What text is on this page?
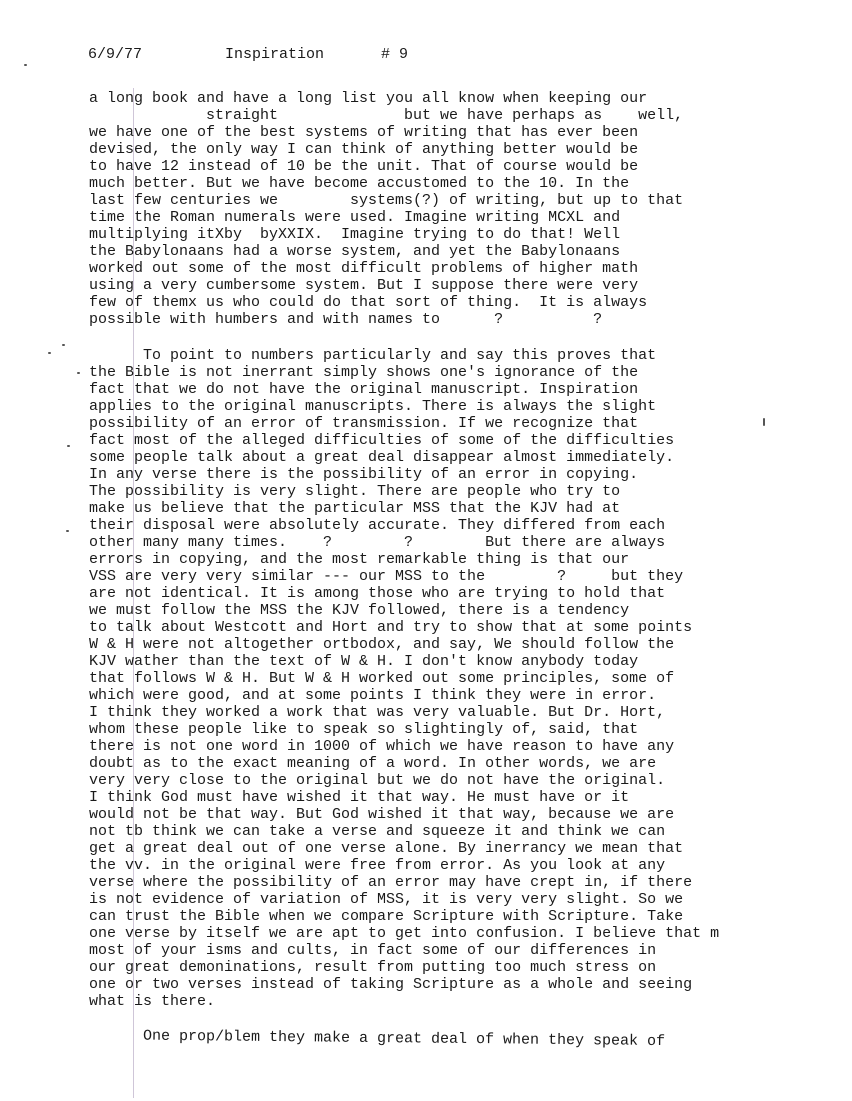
6/9/77

	Inspiration

	# 9

a long book and have a long list you all know when keeping our
straight              but we have perhaps as    well,
we have one of the best systems of writing that has ever been
devised, the only way I can think of anything better would be
to have 12 instead of 10 be the unit. That of course would be
much better. But we have become accustomed to the 10. In the
last few centuries we        systems(?) of writing, but up to that
time the Roman numerals were used. Imagine writing MCXL and
multiplying itXby  byXXIX.  Imagine trying to do that! Well
the Babylonaans had a worse system, and yet the Babylonaans
worked out some of the most difficult problems of higher math
using a very cumbersome system. But I suppose there were very
few of themx us who could do that sort of thing.  It is always
possible with humbers and with names to      ?          ?
To point to numbers particularly and say this proves that
the Bible is not inerrant simply shows one's ignorance of the
fact that we do not have the original manuscript. Inspiration
applies to the original manuscripts. There is always the slight
possibility of an error of transmission. If we recognize that
fact most of the alleged difficulties of some of the difficulties
some people talk about a great deal disappear almost immediately.
In any verse there is the possibility of an error in copying.
The possibility is very slight. There are people who try to
make us believe that the particular MSS that the KJV had at
their disposal were absolutely accurate. They differed from each
other many many times.    ?        ?        But there are always
errors in copying, and the most remarkable thing is that our
VSS are very very similar --- our MSS to the        ?     but they
are not identical. It is among those who are trying to hold that
we must follow the MSS the KJV followed, there is a tendency
to talk about Westcott and Hort and try to show that at some points
W & H were not altogether ortbodox, and say, We should follow the
KJV wather than the text of W & H. I don't know anybody today
that follows W & H. But W & H worked out some principles, some of
which were good, and at some points I think they were in error.
I think they worked a work that was very valuable. But Dr. Hort,
whom these people like to speak so slightingly of, said, that
there is not one word in 1000 of which we have reason to have any
doubt as to the exact meaning of a word. In other words, we are
very very close to the original but we do not have the original.
I think God must have wished it that way. He must have or it
would not be that way. But God wished it that way, because we are
not tb think we can take a verse and squeeze it and think we can
get a great deal out of one verse alone. By inerrancy we mean that
the vv. in the original were free from error. As you look at any
verse where the possibility of an error may have crept in, if there
is not evidence of variation of MSS, it is very very slight. So we
can trust the Bible when we compare Scripture with Scripture. Take
one verse by itself we are apt to get into confusion. I believe that m
most of your isms and cults, in fact some of our differences in
our great demoninations, result from putting too much stress on
one or two verses instead of taking Scripture as a whole and seeing
what is there.
One prop/blem they make a great deal of when they speak of
